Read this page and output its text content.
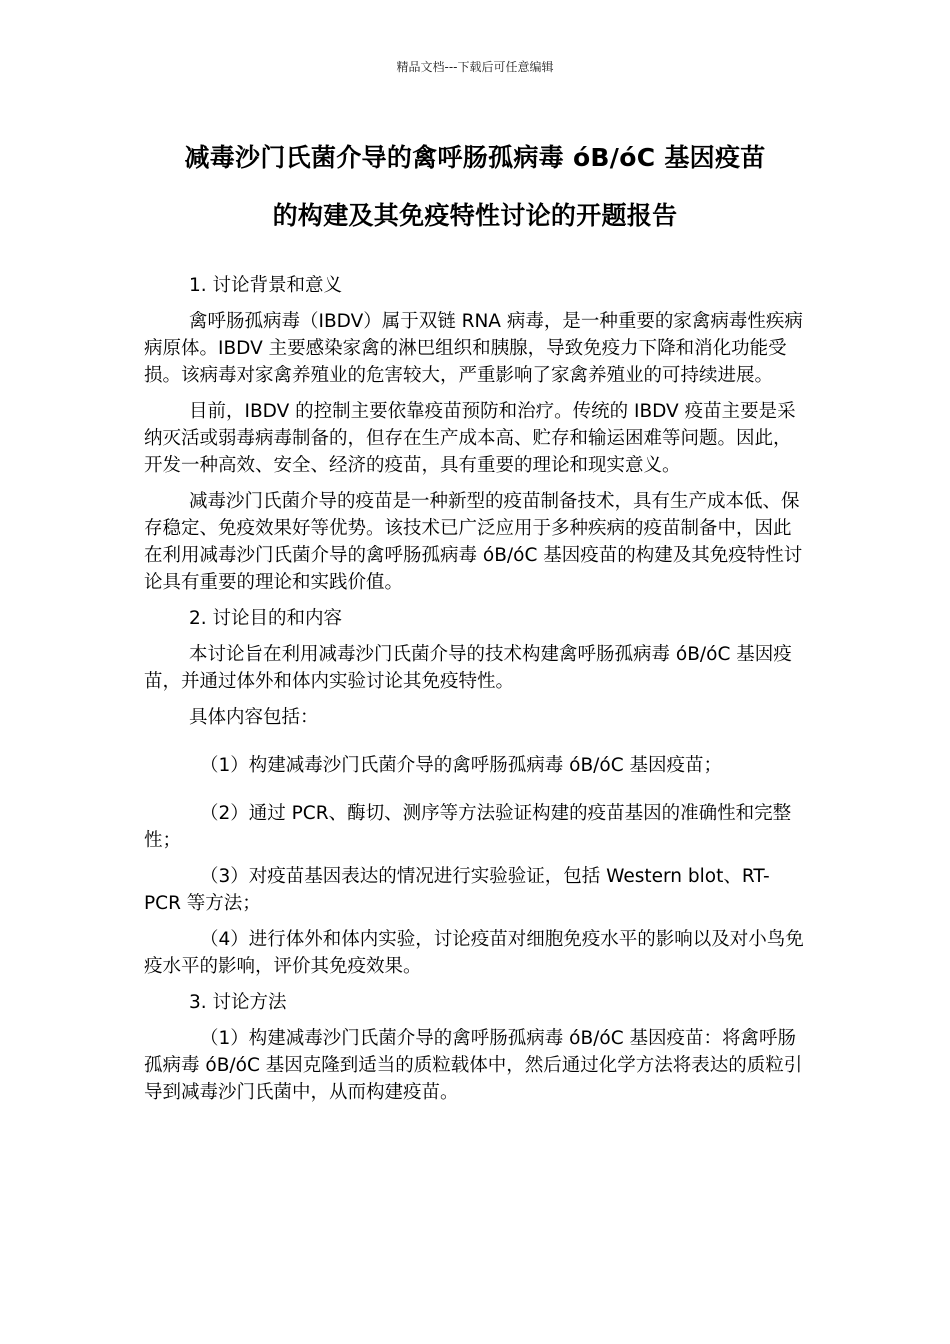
精品文档---下载后可任意编辑
减毒沙门氏菌介导的禽呼肠孤病毒 óB/óC 基因疫苗
的构建及其免疫特性讨论的开题报告

1. 讨论背景和意义

禽呼肠孤病毒（IBDV）属于双链 RNA 病毒，是一种重要的家禽病毒性疾病病原体。IBDV 主要感染家禽的淋巴组织和胰腺，导致免疫力下降和消化功能受损。该病毒对家禽养殖业的危害较大，严重影响了家禽养殖业的可持续进展。

目前，IBDV 的控制主要依靠疫苗预防和治疗。传统的 IBDV 疫苗主要是采纳灭活或弱毒病毒制备的，但存在生产成本高、贮存和输运困难等问题。因此，开发一种高效、安全、经济的疫苗，具有重要的理论和现实意义。

减毒沙门氏菌介导的疫苗是一种新型的疫苗制备技术，具有生产成本低、保存稳定、免疫效果好等优势。该技术已广泛应用于多种疾病的疫苗制备中，因此在利用减毒沙门氏菌介导的禽呼肠孤病毒 óB/óC 基因疫苗的构建及其免疫特性讨论具有重要的理论和实践价值。

2. 讨论目的和内容

本讨论旨在利用减毒沙门氏菌介导的技术构建禽呼肠孤病毒 óB/óC 基因疫苗，并通过体外和体内实验讨论其免疫特性。

具体内容包括：

（1）构建减毒沙门氏菌介导的禽呼肠孤病毒 óB/óC 基因疫苗；

（2）通过 PCR、酶切、测序等方法验证构建的疫苗基因的准确性和完整性；

（3）对疫苗基因表达的情况进行实验验证，包括 Western blot、RT-PCR 等方法；

（4）进行体外和体内实验，讨论疫苗对细胞免疫水平的影响以及对小鸟免疫水平的影响，评价其免疫效果。

3. 讨论方法

（1）构建减毒沙门氏菌介导的禽呼肠孤病毒 óB/óC 基因疫苗：将禽呼肠孤病毒 óB/óC 基因克隆到适当的质粒载体中，然后通过化学方法将表达的质粒引导到减毒沙门氏菌中，从而构建疫苗。
